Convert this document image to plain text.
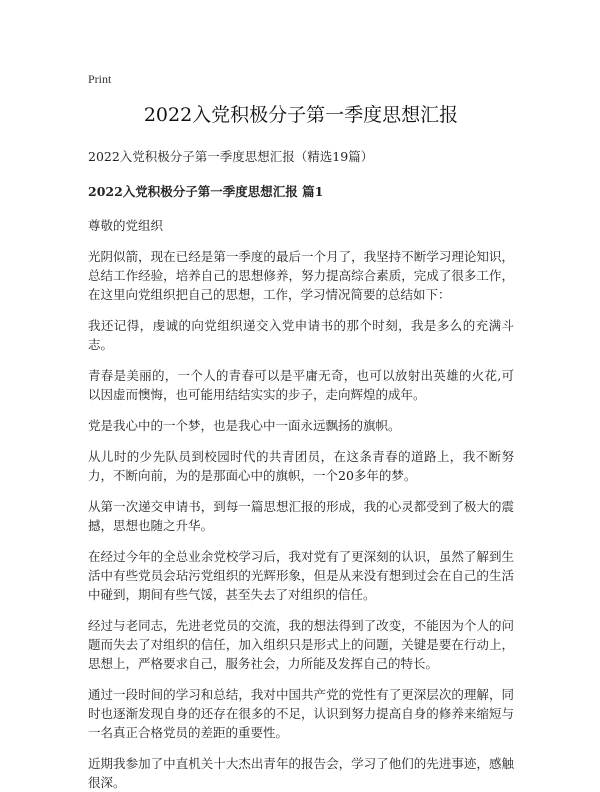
Print
2022入党积极分子第一季度思想汇报
2022入党积极分子第一季度思想汇报（精选19篇）
2022入党积极分子第一季度思想汇报 篇1

尊敬的党组织

光阴似箭，现在已经是第一季度的最后一个月了，我坚持不断学习理论知识，总结工作经验，培养自己的思想修养，努力提高综合素质，完成了很多工作，在这里向党组织把自己的思想，工作，学习情况简要的总结如下：

我还记得，虔诚的向党组织递交入党申请书的那个时刻，我是多么的充满斗志。

青春是美丽的，一个人的青春可以是平庸无奇，也可以放射出英雄的火花,可以因虚而懊悔，也可能用结结实实的步子，走向辉煌的成年。

党是我心中的一个梦，也是我心中一面永远飘扬的旗帜。

从儿时的少先队员到校园时代的共青团员，在这条青春的道路上，我不断努力，不断向前，为的是那面心中的旗帜，一个20多年的梦。

从第一次递交申请书，到每一篇思想汇报的形成，我的心灵都受到了极大的震撼，思想也随之升华。

在经过今年的全总业余党校学习后，我对党有了更深刻的认识，虽然了解到生活中有些党员会玷污党组织的光辉形象，但是从来没有想到过会在自己的生活中碰到，期间有些气馁，甚至失去了对组织的信任。

经过与老同志，先进老党员的交流，我的想法得到了改变，不能因为个人的问题而失去了对组织的信任，加入组织只是形式上的问题，关键是要在行动上，思想上，严格要求自己，服务社会，力所能及发挥自己的特长。

通过一段时间的学习和总结，我对中国共产党的党性有了更深层次的理解，同时也逐渐发现自身的还存在很多的不足，认识到努力提高自身的修养来缩短与一名真正合格党员的差距的重要性。

近期我参加了中直机关十大杰出青年的报告会，学习了他们的先进事迹，感触很深。
